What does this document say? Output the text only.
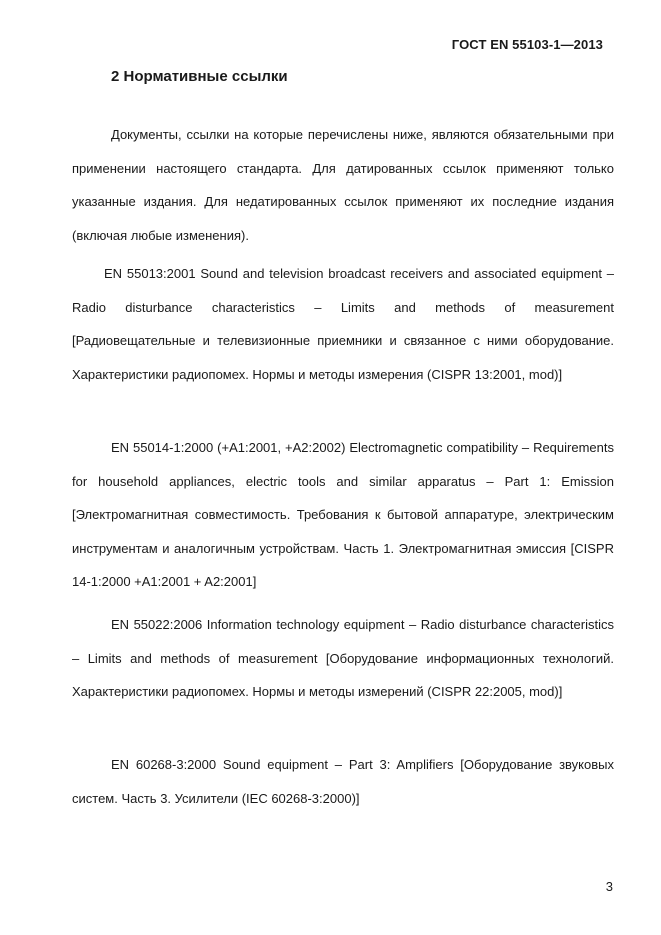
ГОСТ EN 55103-1—2013
2 Нормативные ссылки

Документы, ссылки на которые перечислены ниже, являются обязательными при применении настоящего стандарта. Для датированных ссылок применяют только указанные издания. Для недатированных ссылок применяют их последние издания (включая любые изменения).

EN 55013:2001 Sound and television broadcast receivers and associated equipment – Radio disturbance characteristics – Limits and methods of measurement [Радиовещательные и телевизионные приемники и связанное с ними оборудование. Характеристики радиопомех. Нормы и методы измерения (CISPR 13:2001, mod)]

EN 55014-1:2000 (+A1:2001, +A2:2002) Electromagnetic compatibility – Requirements for household appliances, electric tools and similar apparatus – Part 1: Emission [Электромагнитная совместимость. Требования к бытовой аппаратуре, электрическим инструментам и аналогичным устройствам. Часть 1. Электромагнитная эмиссия [CISPR 14-1:2000 +A1:2001 + A2:2001]

EN 55022:2006 Information technology equipment – Radio disturbance characteristics – Limits and methods of measurement [Оборудование информационных технологий. Характеристики радиопомех. Нормы и методы измерений (CISPR 22:2005, mod)]

EN 60268-3:2000 Sound equipment – Part 3: Amplifiers [Оборудование звуковых систем. Часть 3. Усилители (IEC 60268-3:2000)]

3
